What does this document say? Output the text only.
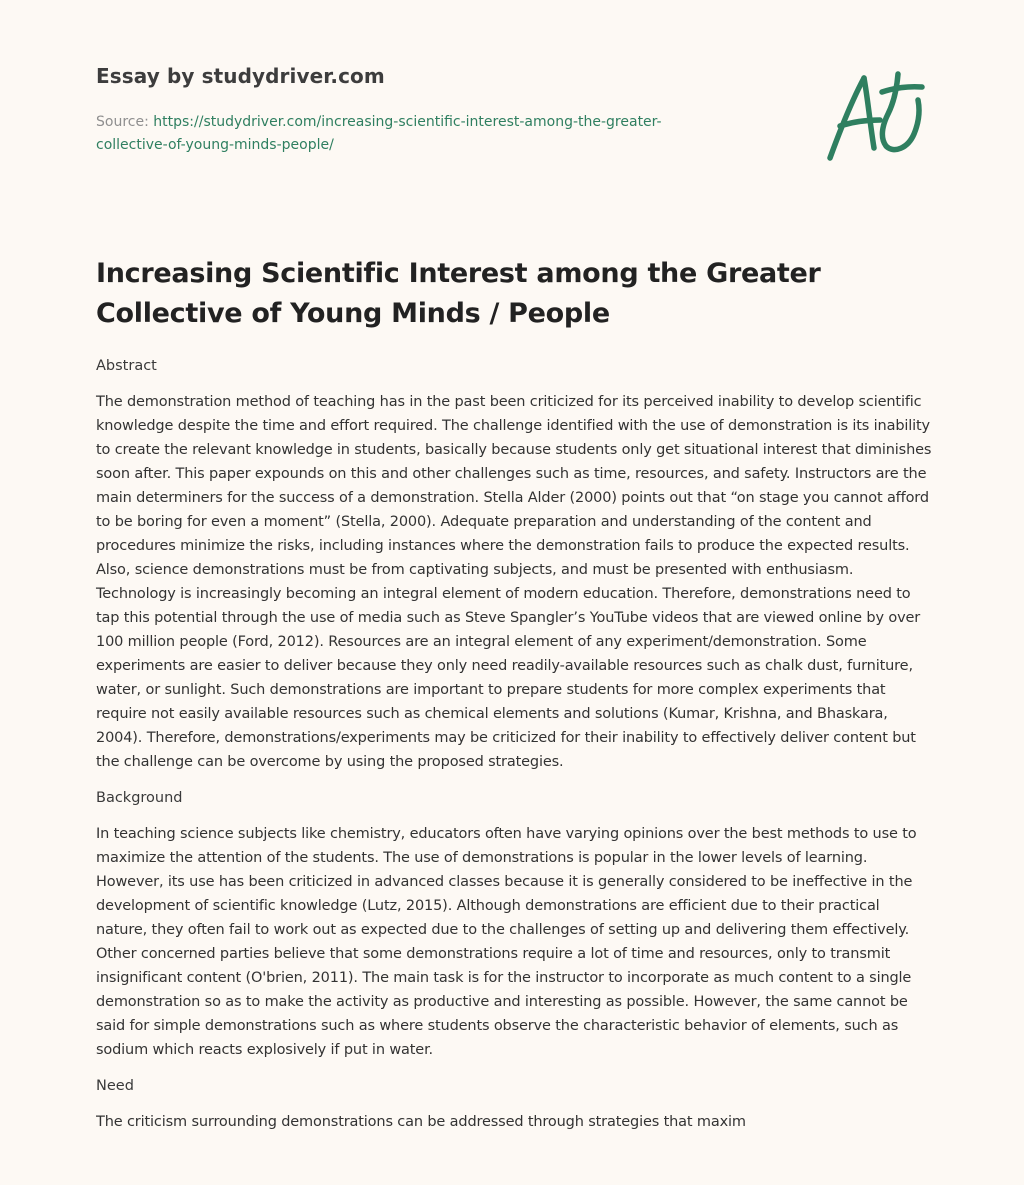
Essay by studydriver.com
Source: https://studydriver.com/increasing-scientific-interest-among-the-greater-
collective-of-young-minds-people/
Increasing Scientific Interest among the Greater Collective of Young Minds / People

Abstract

The demonstration method of teaching has in the past been criticized for its perceived inability to develop scientific knowledge despite the time and effort required. The challenge identified with the use of demonstration is its inability to create the relevant knowledge in students, basically because students only get situational interest that diminishes soon after. This paper expounds on this and other challenges such as time, resources, and safety. Instructors are the main determiners for the success of a demonstration. Stella Alder (2000) points out that “on stage you cannot afford to be boring for even a moment” (Stella, 2000). Adequate preparation and understanding of the content and procedures minimize the risks, including instances where the demonstration fails to produce the expected results. Also, science demonstrations must be from captivating subjects, and must be presented with enthusiasm. Technology is increasingly becoming an integral element of modern education. Therefore, demonstrations need to tap this potential through the use of media such as Steve Spangler’s YouTube videos that are viewed online by over 100 million people (Ford, 2012). Resources are an integral element of any experiment/demonstration. Some experiments are easier to deliver because they only need readily-available resources such as chalk dust, furniture, water, or sunlight. Such demonstrations are important to prepare students for more complex experiments that require not easily available resources such as chemical elements and solutions (Kumar, Krishna, and Bhaskara, 2004). Therefore, demonstrations/experiments may be criticized for their inability to effectively deliver content but the challenge can be overcome by using the proposed strategies.

Background

In teaching science subjects like chemistry, educators often have varying opinions over the best methods to use to maximize the attention of the students. The use of demonstrations is popular in the lower levels of learning. However, its use has been criticized in advanced classes because it is generally considered to be ineffective in the development of scientific knowledge (Lutz, 2015). Although demonstrations are efficient due to their practical nature, they often fail to work out as expected due to the challenges of setting up and delivering them effectively. Other concerned parties believe that some demonstrations require a lot of time and resources, only to transmit insignificant content (O'brien, 2011). The main task is for the instructor to incorporate as much content to a single demonstration so as to make the activity as productive and interesting as possible. However, the same cannot be said for simple demonstrations such as where students observe the characteristic behavior of elements, such as sodium which reacts explosively if put in water.

Need

The criticism surrounding demonstrations can be addressed through strategies that maxim
